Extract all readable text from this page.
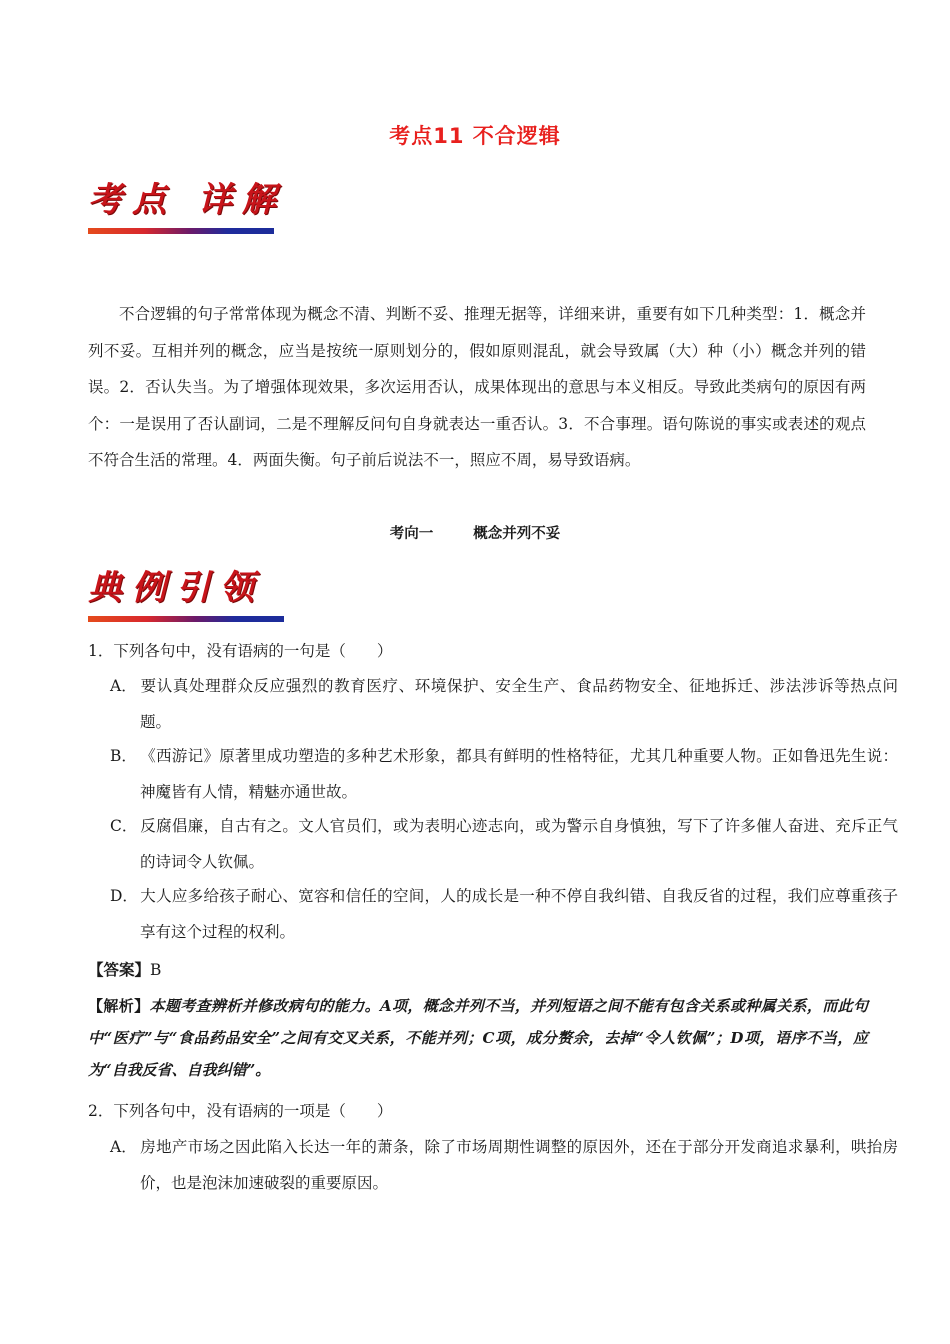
考点11 不合逻辑
考点 详解

不合逻辑的句子常常体现为概念不清、判断不妥、推理无据等，详细来讲，重要有如下几种类型：1．概念并列不妥。互相并列的概念，应当是按统一原则划分的，假如原则混乱，就会导致属（大）种（小）概念并列的错误。2．否认失当。为了增强体现效果，多次运用否认，成果体现出的意思与本义相反。导致此类病句的原因有两个：一是误用了否认副词，二是不理解反问句自身就表达一重否认。3．不合事理。语句陈说的事实或表述的观点不符合生活的常理。4．两面失衡。句子前后说法不一，照应不周，易导致语病。

考向一	概念并列不妥
典例引领
1．下列各句中，没有语病的一句是（　　）
A． 要认真处理群众反应强烈的教育医疗、环境保护、安全生产、食品药物安全、征地拆迁、涉法涉诉等热点问题。
B． 《西游记》原著里成功塑造的多种艺术形象，都具有鲜明的性格特征，尤其几种重要人物。正如鲁迅先生说：神魔皆有人情，精魅亦通世故。
C． 反腐倡廉，自古有之。文人官员们，或为表明心迹志向，或为警示自身慎独，写下了许多催人奋进、充斥正气的诗词令人钦佩。
D． 大人应多给孩子耐心、宽容和信任的空间，人的成长是一种不停自我纠错、自我反省的过程，我们应尊重孩子享有这个过程的权利。
【答案】B
【解析】本题考查辨析并修改病句的能力。A项，概念并列不当，并列短语之间不能有包含关系或种属关系，而此句中“医疗”与“食品药品安全”之间有交叉关系，不能并列；C项，成分赘余，去掉“令人钦佩”；D项，语序不当，应为“自我反省、自我纠错”。
2．下列各句中，没有语病的一项是（　　）
A． 房地产市场之因此陷入长达一年的萧条，除了市场周期性调整的原因外，还在于部分开发商追求暴利，哄抬房价，也是泡沫加速破裂的重要原因。
